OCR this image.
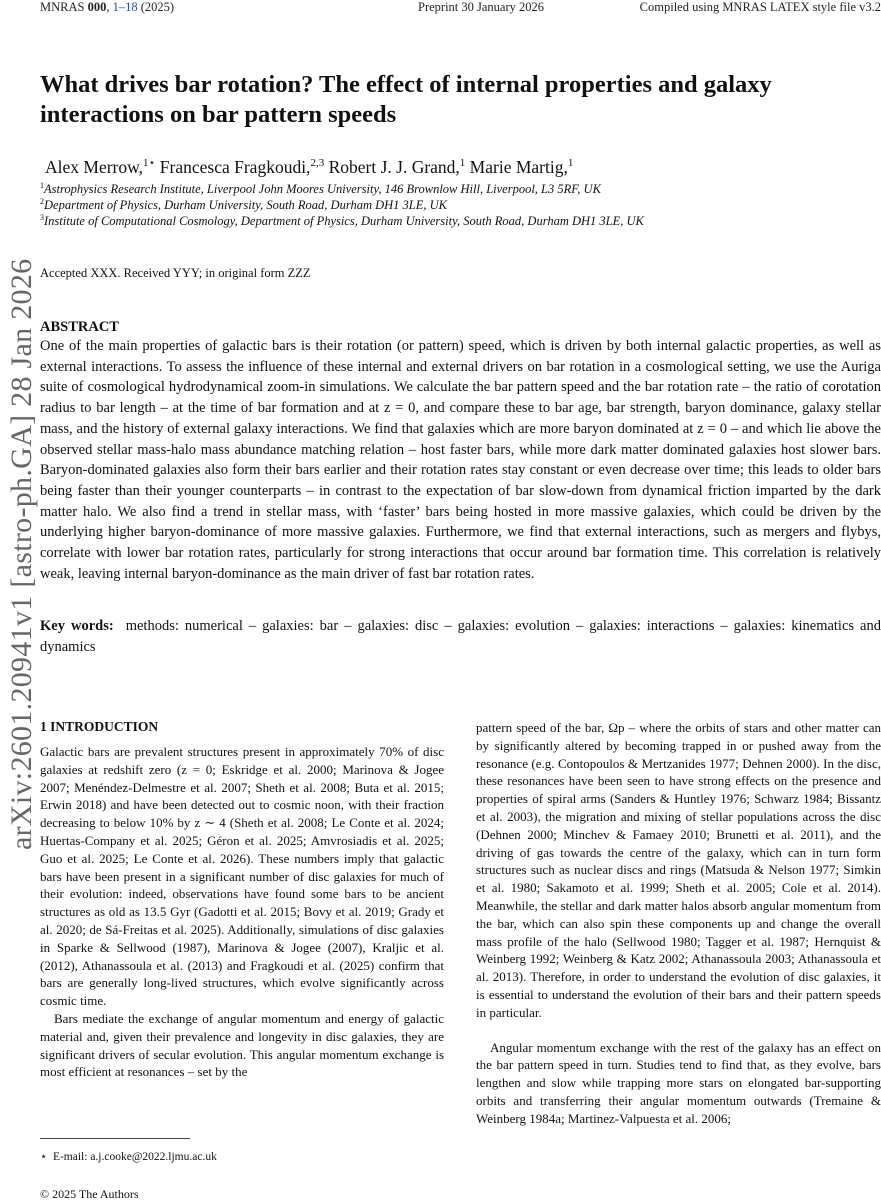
MNRAS 000, 1–18 (2025)	Preprint 30 January 2026	Compiled using MNRAS LATEX style file v3.2
What drives bar rotation? The effect of internal properties and galaxy interactions on bar pattern speeds
Alex Merrow,$^{1⋆}$ Francesca Fragkoudi,$^{2,3}$ Robert J. J. Grand,$^1$ Marie Martig,$^1$
$^1$Astrophysics Research Institute, Liverpool John Moores University, 146 Brownlow Hill, Liverpool, L3 5RF, UK
$^2$Department of Physics, Durham University, South Road, Durham DH1 3LE, UK
$^3$Institute of Computational Cosmology, Department of Physics, Durham University, South Road, Durham DH1 3LE, UK
arXiv:2601.20941v1 [astro-ph.GA] 28 Jan 2026 Accepted XXX. Received YYY; in original form ZZZ
ABSTRACT

One of the main properties of galactic bars is their rotation (or pattern) speed, which is driven by both internal galactic properties, as well as external interactions. To assess the influence of these internal and external drivers on bar rotation in a cosmological setting, we use the Auriga suite of cosmological hydrodynamical zoom-in simulations. We calculate the bar pattern speed and the bar rotation rate – the ratio of corotation radius to bar length – at the time of bar formation and at z = 0, and compare these to bar age, bar strength, baryon dominance, galaxy stellar mass, and the history of external galaxy interactions. We find that galaxies which are more baryon dominated at z = 0 – and which lie above the observed stellar mass-halo mass abundance matching relation – host faster bars, while more dark matter dominated galaxies host slower bars. Baryon-dominated galaxies also form their bars earlier and their rotation rates stay constant or even decrease over time; this leads to older bars being faster than their younger counterparts – in contrast to the expectation of bar slow-down from dynamical friction imparted by the dark matter halo. We also find a trend in stellar mass, with ‘faster’ bars being hosted in more massive galaxies, which could be driven by the underlying higher baryon-dominance of more massive galaxies. Furthermore, we find that external interactions, such as mergers and flybys, correlate with lower bar rotation rates, particularly for strong interactions that occur around bar formation time. This correlation is relatively weak, leaving internal baryon-dominance as the main driver of fast bar rotation rates.

Key words: methods: numerical – galaxies: bar – galaxies: disc – galaxies: evolution – galaxies: interactions – galaxies: kinematics and dynamics

1 INTRODUCTION

Galactic bars are prevalent structures present in approximately 70% of disc galaxies at redshift zero (z = 0; Eskridge et al. 2000; Marinova & Jogee 2007; Menéndez-Delmestre et al. 2007; Sheth et al. 2008; Buta et al. 2015; Erwin 2018) and have been detected out to cosmic noon, with their fraction decreasing to below 10% by z ∼ 4 (Sheth et al. 2008; Le Conte et al. 2024; Huertas-Company et al. 2025; Géron et al. 2025; Amvrosiadis et al. 2025; Guo et al. 2025; Le Conte et al. 2026). These numbers imply that galactic bars have been present in a significant number of disc galaxies for much of their evolution: indeed, observations have found some bars to be ancient structures as old as 13.5 Gyr (Gadotti et al. 2015; Bovy et al. 2019; Grady et al. 2020; de Sá-Freitas et al. 2025). Additionally, simulations of disc galaxies in Sparke & Sellwood (1987), Marinova & Jogee (2007), Kraljic et al. (2012), Athanassoula et al. (2013) and Fragkoudi et al. (2025) confirm that bars are generally long-lived structures, which evolve significantly across cosmic time.

Bars mediate the exchange of angular momentum and energy of galactic material and, given their prevalence and longevity in disc galaxies, they are significant drivers of secular evolution. This angular momentum exchange is most efficient at resonances – set by the

pattern speed of the bar, Ωp – where the orbits of stars and other matter can by significantly altered by becoming trapped in or pushed away from the resonance (e.g. Contopoulos & Mertzanides 1977; Dehnen 2000). In the disc, these resonances have been seen to have strong effects on the presence and properties of spiral arms (Sanders & Huntley 1976; Schwarz 1984; Bissantz et al. 2003), the migration and mixing of stellar populations across the disc (Dehnen 2000; Minchev & Famaey 2010; Brunetti et al. 2011), and the driving of gas towards the centre of the galaxy, which can in turn form structures such as nuclear discs and rings (Matsuda & Nelson 1977; Simkin et al. 1980; Sakamoto et al. 1999; Sheth et al. 2005; Cole et al. 2014). Meanwhile, the stellar and dark matter halos absorb angular momentum from the bar, which can also spin these components up and change the overall mass profile of the halo (Sellwood 1980; Tagger et al. 1987; Hernquist & Weinberg 1992; Weinberg & Katz 2002; Athanassoula 2003; Athanassoula et al. 2013). Therefore, in order to understand the evolution of disc galaxies, it is essential to understand the evolution of their bars and their pattern speeds in particular.

Angular momentum exchange with the rest of the galaxy has an effect on the bar pattern speed in turn. Studies tend to find that, as they evolve, bars lengthen and slow while trapping more stars on elongated bar-supporting orbits and transferring their angular momentum outwards (Tremaine & Weinberg 1984a; Martinez-Valpuesta et al. 2006;

⋆ E-mail: a.j.cooke@2022.ljmu.ac.uk
© 2025 The Authors
